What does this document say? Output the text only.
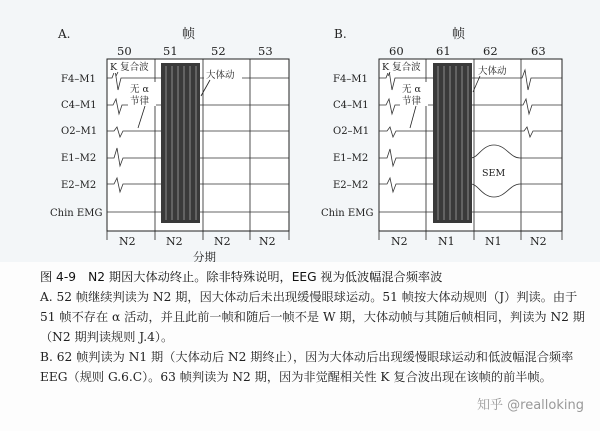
A.	帧
50	51	52	53
F4–M1
C4–M1
O2–M1
E1–M2
E2–M2
Chin EMG
K 复合波
无 α
节律
大体动
N2	N2	N2	N2
分期
B.	帧
60	61	62	63
F4–M1
C4–M1
O2–M1
E1–M2
E2–M2
Chin EMG
K 复合波
无 α
节律
大体动
SEM
N2	N1	N1	N2

图 4-9　N2 期因大体动终止。除非特殊说明，EEG 视为低波幅混合频率波

A. 52 帧继续判读为 N2 期，因大体动后未出现缓慢眼球运动。51 帧按大体动规则（J）判读。由于 51 帧不存在 α 活动，并且此前一帧和随后一帧不是 W 期，大体动帧与其随后帧相同，判读为 N2 期（N2 期判读规则 J.4）。

B. 62 帧判读为 N1 期（大体动后 N2 期终止），因为大体动后出现缓慢眼球运动和低波幅混合频率 EEG（规则 G.6.C）。63 帧判读为 N2 期，因为非觉醒相关性 K 复合波出现在该帧的前半帧。

知乎 @realloking
